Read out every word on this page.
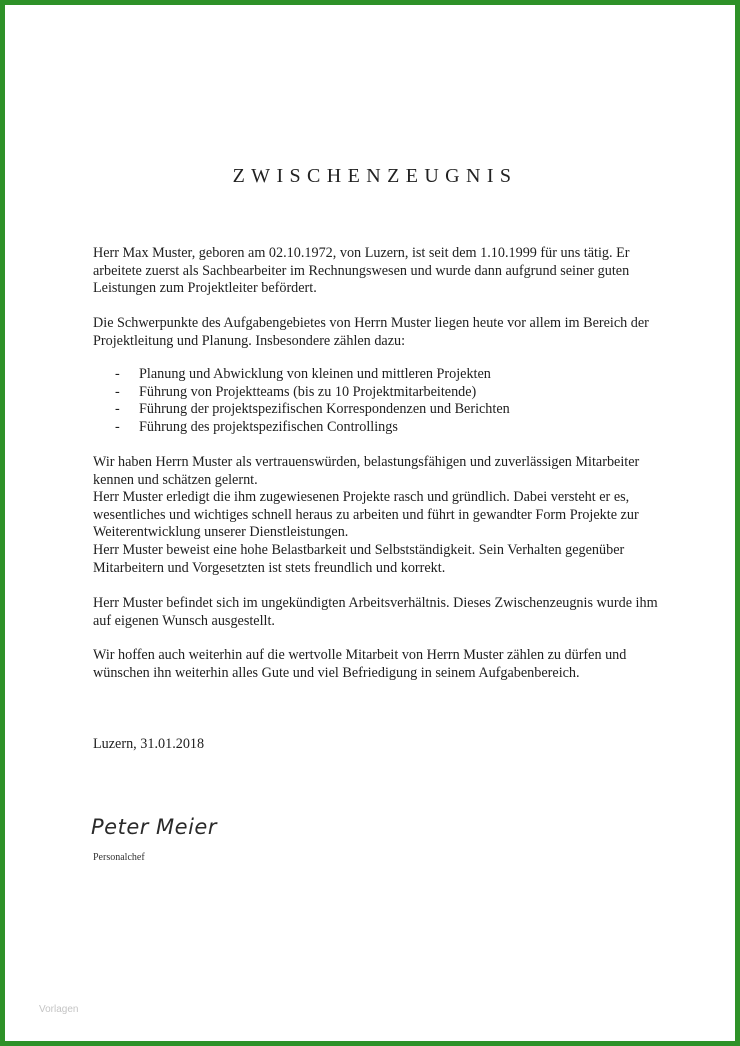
ZWISCHENZEUGNIS

Herr Max Muster, geboren am 02.10.1972, von Luzern, ist seit dem 1.10.1999 für uns tätig. Er arbeitete zuerst als Sachbearbeiter im Rechnungswesen und wurde dann aufgrund seiner guten Leistungen zum Projektleiter befördert.

Die Schwerpunkte des Aufgabengebietes von Herrn Muster liegen heute vor allem im Bereich der Projektleitung und Planung. Insbesondere zählen dazu:

- Planung und Abwicklung von kleinen und mittleren Projekten
- Führung von Projektteams (bis zu 10 Projektmitarbeitende)
- Führung der projektspezifischen Korrespondenzen und Berichten
- Führung des projektspezifischen Controllings

Wir haben Herrn Muster als vertrauenswürden, belastungsfähigen und zuverlässigen Mitarbeiter kennen und schätzen gelernt.

Herr Muster erledigt die ihm zugewiesenen Projekte rasch und gründlich. Dabei versteht er es, wesentliches und wichtiges schnell heraus zu arbeiten und führt in gewandter Form Projekte zur Weiterentwicklung unserer Dienstleistungen.

Herr Muster beweist eine hohe Belastbarkeit und Selbstständigkeit. Sein Verhalten gegenüber Mitarbeitern und Vorgesetzten ist stets freundlich und korrekt.

Herr Muster befindet sich im ungekündigten Arbeitsverhältnis. Dieses Zwischenzeugnis wurde ihm auf eigenen Wunsch ausgestellt.

Wir hoffen auch weiterhin auf die wertvolle Mitarbeit von Herrn Muster zählen zu dürfen und wünschen ihn weiterhin alles Gute und viel Befriedigung in seinem Aufgabenbereich.

Luzern, 31.01.2018

Peter Meier
Personalchef
Vorlagen
